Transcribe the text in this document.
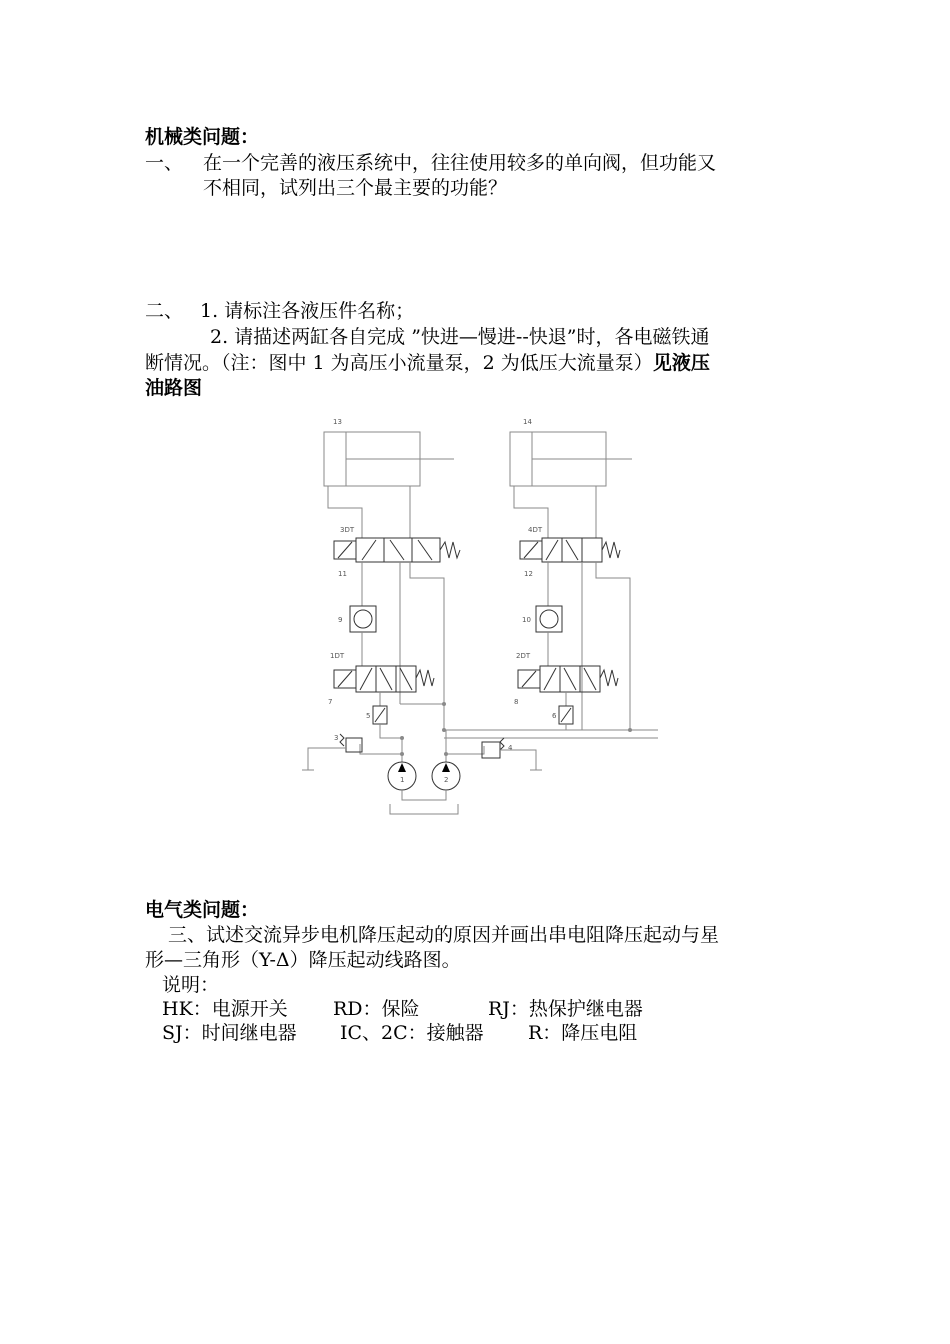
机械类问题：
一、 在一个完善的液压系统中，往往使用较多的单向阀，但功能又
不相同，试列出三个最主要的功能？
二、 1. 请标注各液压件名称；
2. 请描述两缸各自完成 ”快进—慢进--快退”时，各电磁铁通
断情况。（注：图中 1 为高压小流量泵，2 为低压大流量泵）见液压
油路图
13	14
3DT
11
4DT
12
9	10
1DT
7
2DT
8
5	6
3
4
1	2
电气类问题：
三、试述交流异步电机降压起动的原因并画出串电阻降压起动与星
形—三角形（Y-Δ）降压起动线路图。
说明：
HK：电源开关 RD：保险	RJ：热保护继电器
SJ：时间继电器 IC、2C：接触器 R：降压电阻
